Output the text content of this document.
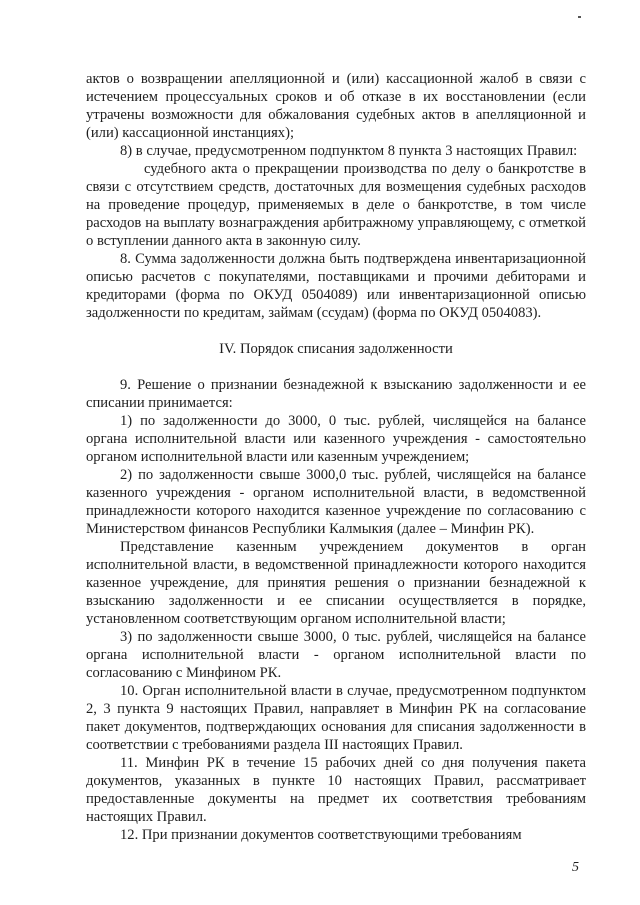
актов о возвращении апелляционной и (или) кассационной жалоб в связи с истечением процессуальных сроков и об отказе в их восстановлении (если утрачены возможности для обжалования судебных актов в апелляционной и (или) кассационной инстанциях);

8) в случае, предусмотренном подпунктом 8 пункта 3 настоящих Правил:

судебного акта о прекращении производства по делу о банкротстве в связи с отсутствием средств, достаточных для возмещения судебных расходов на проведение процедур, применяемых в деле о банкротстве, в том числе расходов на выплату вознаграждения арбитражному управляющему, с отметкой о вступлении данного акта в законную силу.

8. Сумма задолженности должна быть подтверждена инвентаризационной описью расчетов с покупателями, поставщиками и прочими дебиторами и кредиторами (форма по ОКУД 0504089) или инвентаризационной описью задолженности по кредитам, займам (ссудам) (форма по ОКУД 0504083).

IV. Порядок списания задолженности

9. Решение о признании безнадежной к взысканию задолженности и ее списании принимается:

1) по задолженности до 3000, 0 тыс. рублей, числящейся на балансе органа исполнительной власти или казенного учреждения - самостоятельно органом исполнительной власти или казенным учреждением;

2) по задолженности свыше 3000,0 тыс. рублей, числящейся на балансе казенного учреждения - органом исполнительной власти, в ведомственной принадлежности которого находится казенное учреждение по согласованию с Министерством финансов Республики Калмыкия (далее – Минфин РК).

Представление казенным учреждением документов в орган исполнительной власти, в ведомственной принадлежности которого находится казенное учреждение, для принятия решения о признании безнадежной к взысканию задолженности и ее списании осуществляется в порядке, установленном соответствующим органом исполнительной власти;

3) по задолженности свыше 3000, 0 тыс. рублей, числящейся на балансе органа исполнительной власти - органом исполнительной власти по согласованию с Минфином РК.

10. Орган исполнительной власти в случае, предусмотренном подпунктом 2, 3 пункта 9 настоящих Правил, направляет в Минфин РК на согласование пакет документов, подтверждающих основания для списания задолженности в соответствии с требованиями раздела III настоящих Правил.

11. Минфин РК в течение 15 рабочих дней со дня получения пакета документов, указанных в пункте 10 настоящих Правил, рассматривает предоставленные документы на предмет их соответствия требованиям настоящих Правил.

12. При признании документов соответствующими требованиям

5
